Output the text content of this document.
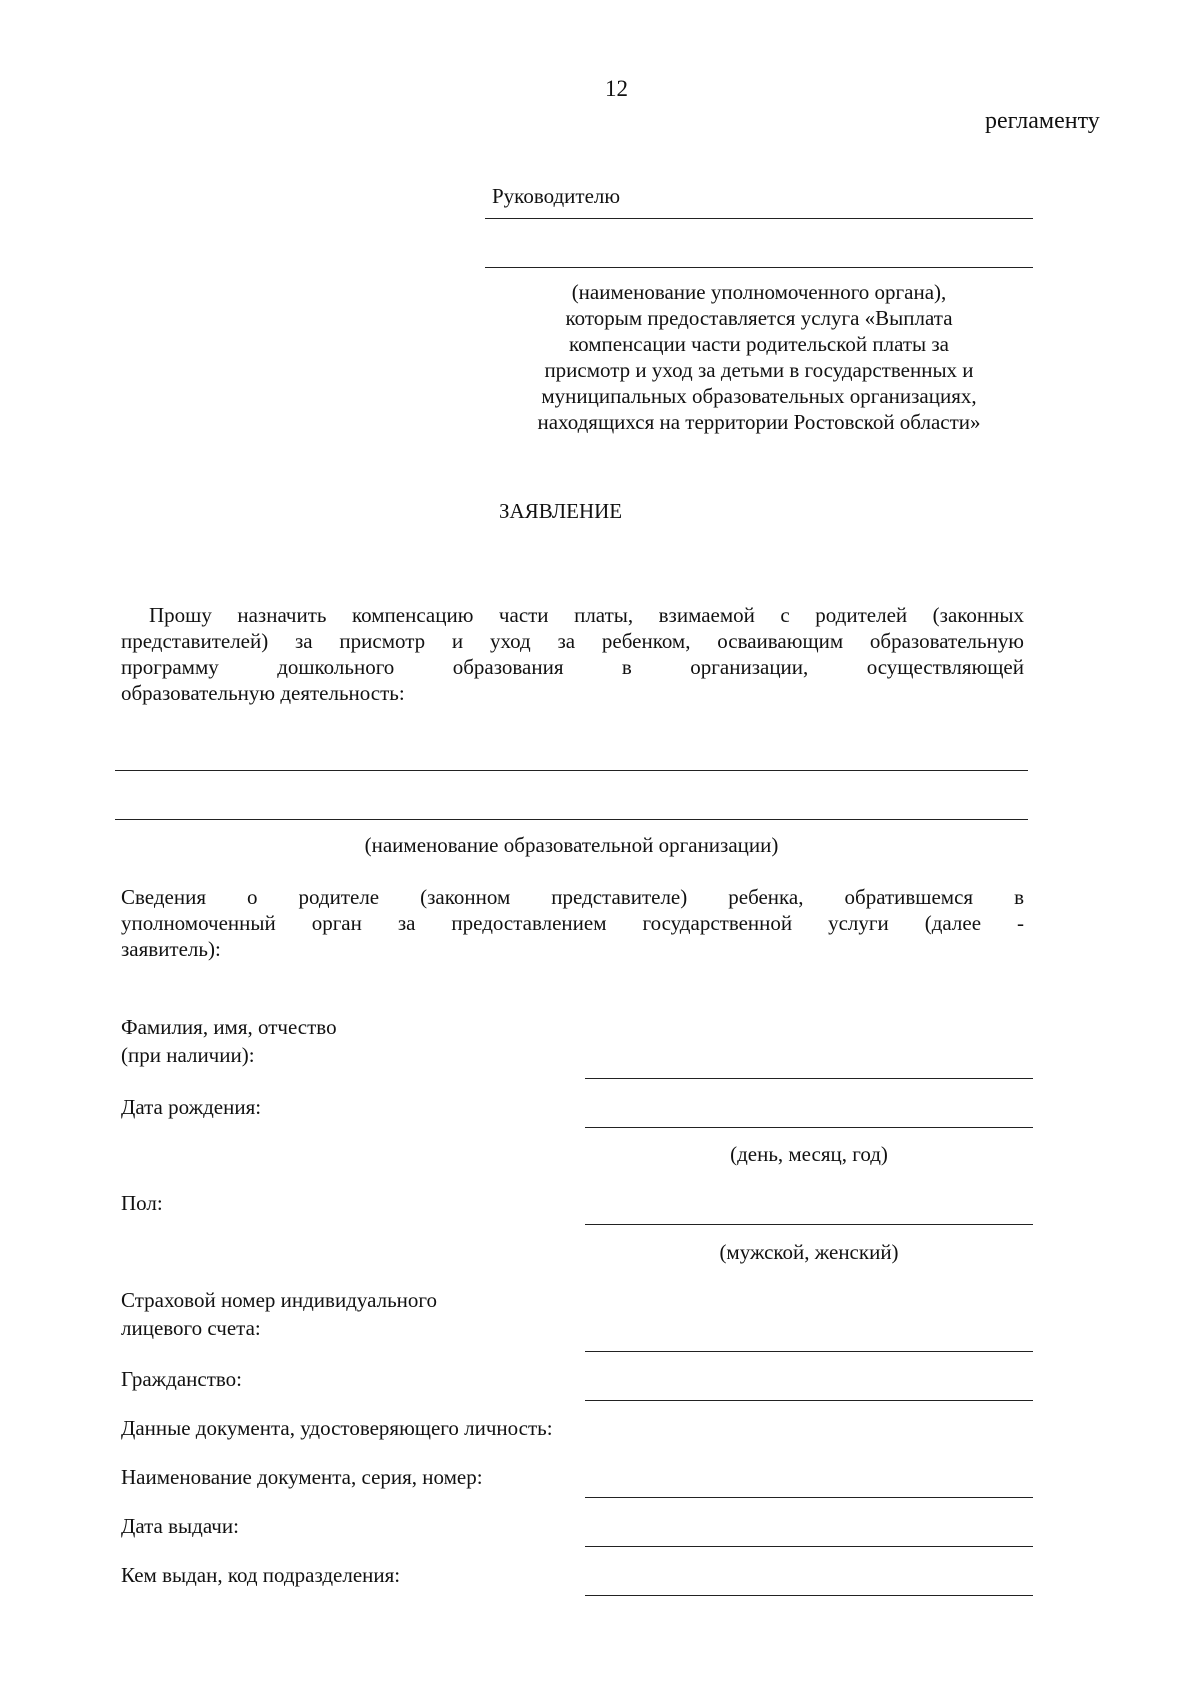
12
регламенту
Руководителю
(наименование уполномоченного органа),
которым предоставляется услуга «Выплата
компенсации части родительской платы за
присмотр и уход за детьми в государственных и
муниципальных образовательных организациях,
находящихся на территории Ростовской области»
ЗАЯВЛЕНИЕ
Прошу назначить компенсацию части платы, взимаемой с родителей (законных
представителей) за присмотр и уход за ребенком, осваивающим образовательную
программу дошкольного образования в организации, осуществляющей
образовательную деятельность:
(наименование образовательной организации)
Сведения о родителе (законном представителе) ребенка, обратившемся в
уполномоченный орган за предоставлением государственной услуги (далее -
заявитель):
Фамилия, имя, отчество
(при наличии):
Дата рождения:
(день, месяц, год)
Пол:
(мужской, женский)
Страховой номер индивидуального
лицевого счета:
Гражданство:
Данные документа, удостоверяющего личность:
Наименование документа, серия, номер:
Дата выдачи:
Кем выдан, код подразделения:
